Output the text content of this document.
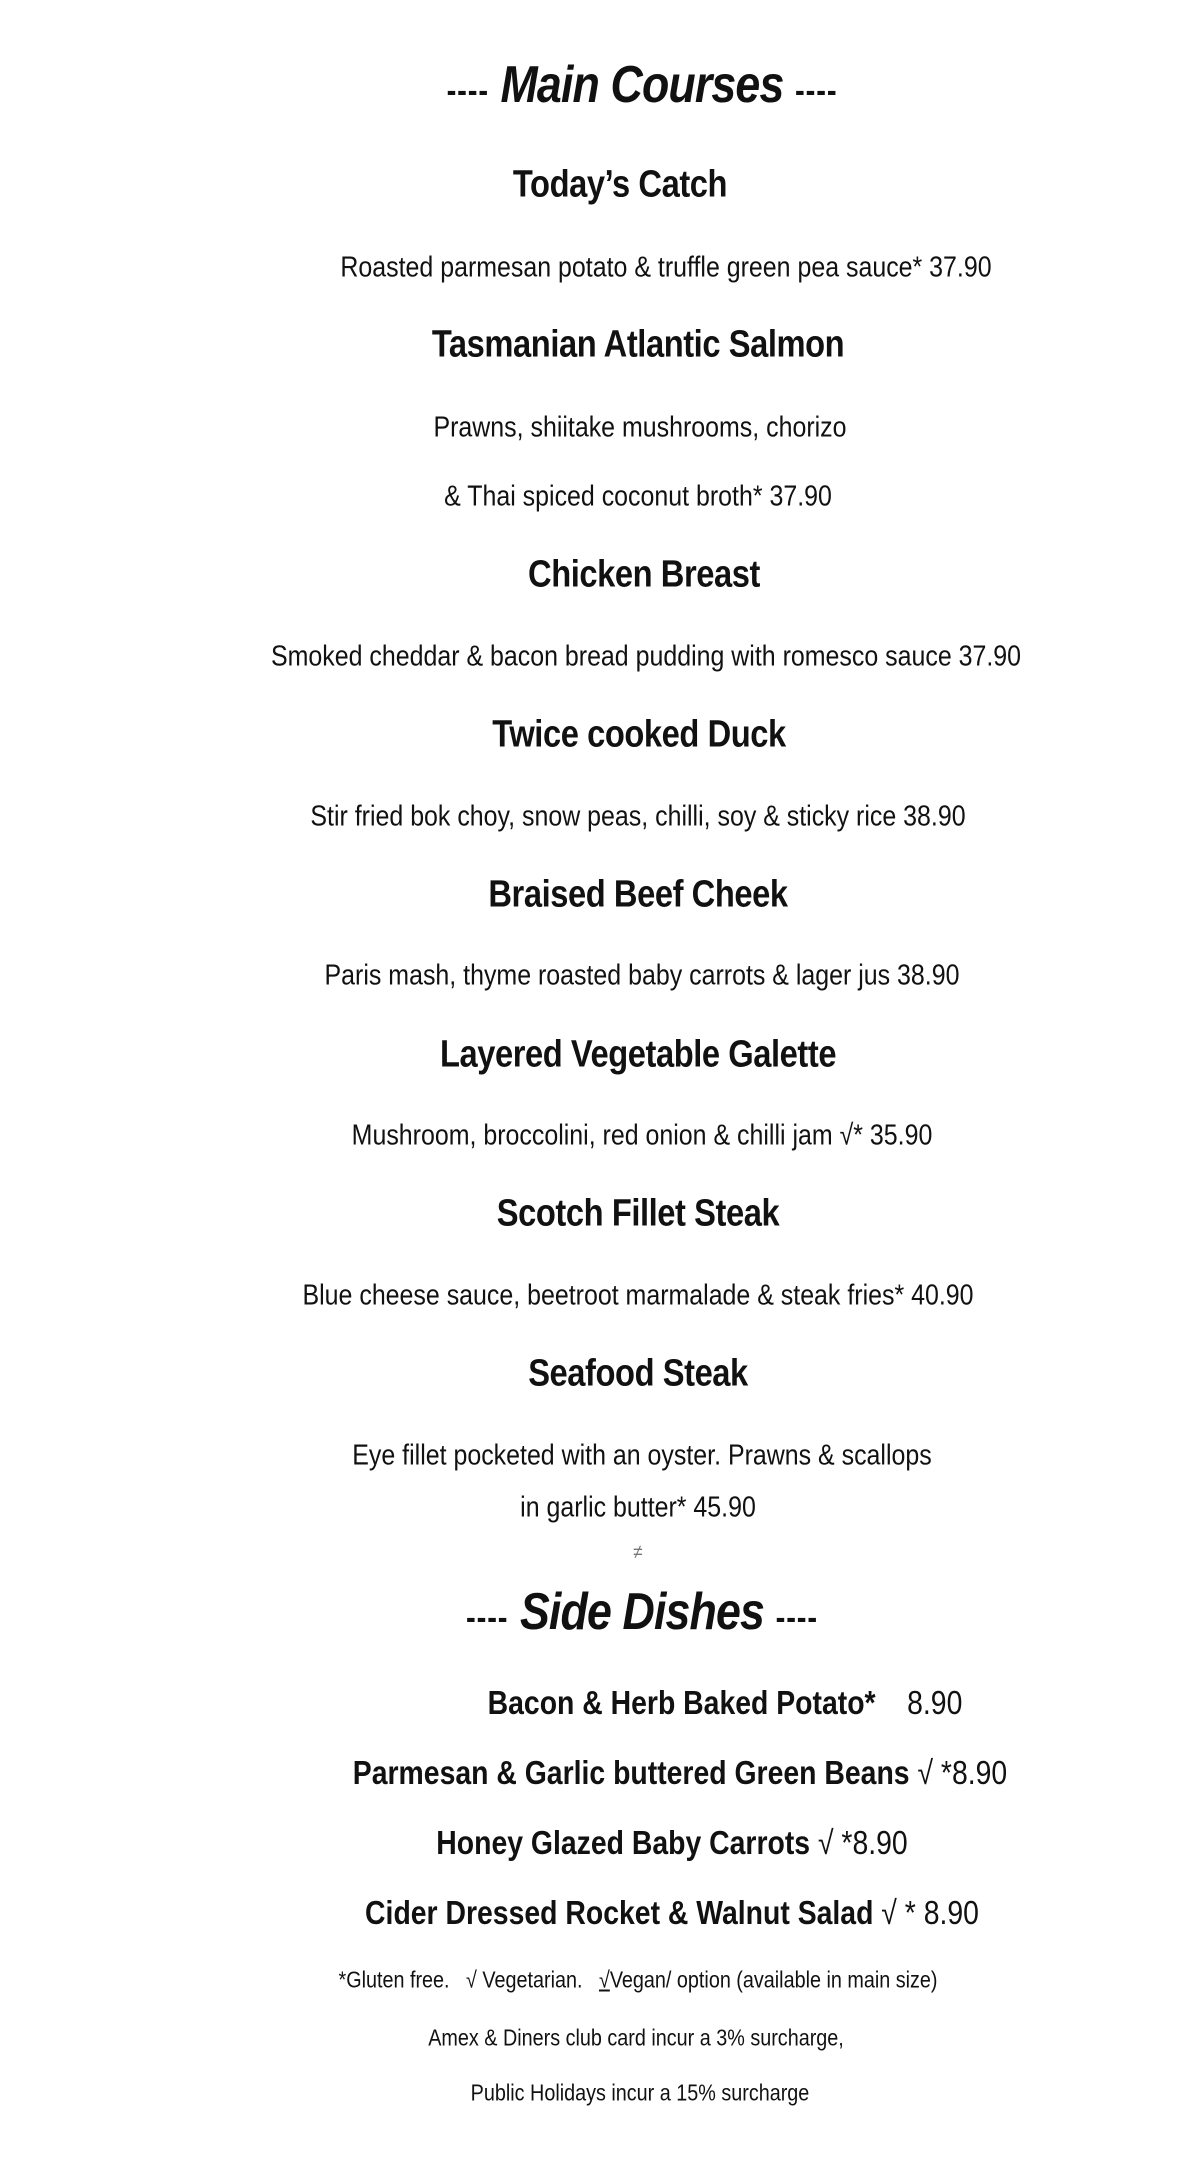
---- Main Courses ----
Today’s Catch
Roasted parmesan potato & truffle green pea sauce* 37.90
Tasmanian Atlantic Salmon
Prawns, shiitake mushrooms, chorizo
& Thai spiced coconut broth* 37.90
Chicken Breast
Smoked cheddar & bacon bread pudding with romesco sauce 37.90
Twice cooked Duck
Stir fried bok choy, snow peas, chilli, soy & sticky rice 38.90
Braised Beef Cheek
Paris mash, thyme roasted baby carrots & lager jus 38.90
Layered Vegetable Galette
Mushroom, broccolini, red onion & chilli jam √* 35.90
Scotch Fillet Steak
Blue cheese sauce, beetroot marmalade & steak fries* 40.90
Seafood Steak
Eye fillet pocketed with an oyster. Prawns & scallops
in garlic butter* 45.90
≠
---- Side Dishes ----
Bacon & Herb Baked Potato* 8.90
Parmesan & Garlic buttered Green Beans √ *8.90
Honey Glazed Baby Carrots √ *8.90
Cider Dressed Rocket & Walnut Salad √ * 8.90
*Gluten free. √ Vegetarian. √Vegan/ option (available in main size)
Amex & Diners club card incur a 3% surcharge,
Public Holidays incur a 15% surcharge
